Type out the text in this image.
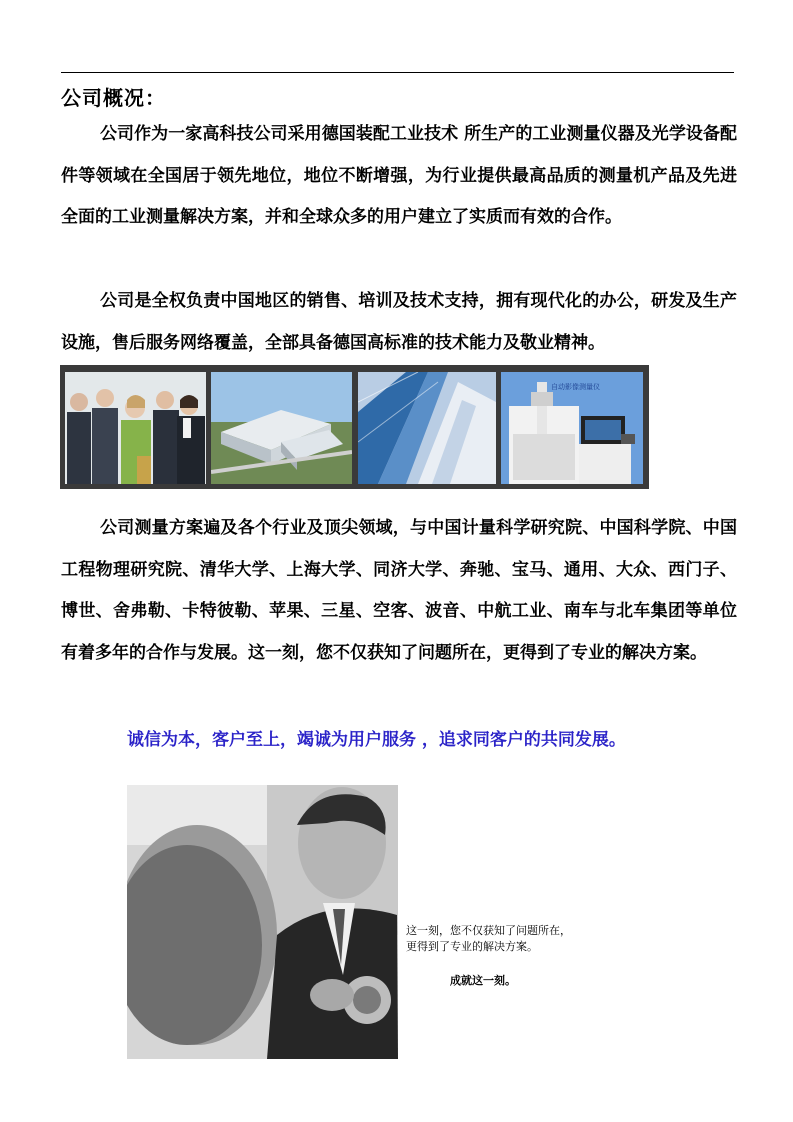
公司概况：

公司作为一家高科技公司采用德国装配工业技术 所生产的工业测量仪器及光学设备配件等领域在全国居于领先地位，地位不断增强，为行业提供最高品质的测量机产品及先进全面的工业测量解决方案，并和全球众多的用户建立了实质而有效的合作。

公司是全权负责中国地区的销售、培训及技术支持，拥有现代化的办公，研发及生产设施，售后服务网络覆盖，全部具备德国高标准的技术能力及敬业精神。

自动影像测量仪

公司测量方案遍及各个行业及顶尖领域，与中国计量科学研究院、中国科学院、中国工程物理研究院、清华大学、上海大学、同济大学、奔驰、宝马、通用、大众、西门子、博世、舍弗勒、卡特彼勒、苹果、三星、空客、波音、中航工业、南车与北车集团等单位有着多年的合作与发展。这一刻，您不仅获知了问题所在，更得到了专业的解决方案。

诚信为本，客户至上，竭诚为用户服务 ，追求同客户的共同发展。
这一刻，您不仅获知了问题所在，
更得到了专业的解决方案。
成就这一刻。
